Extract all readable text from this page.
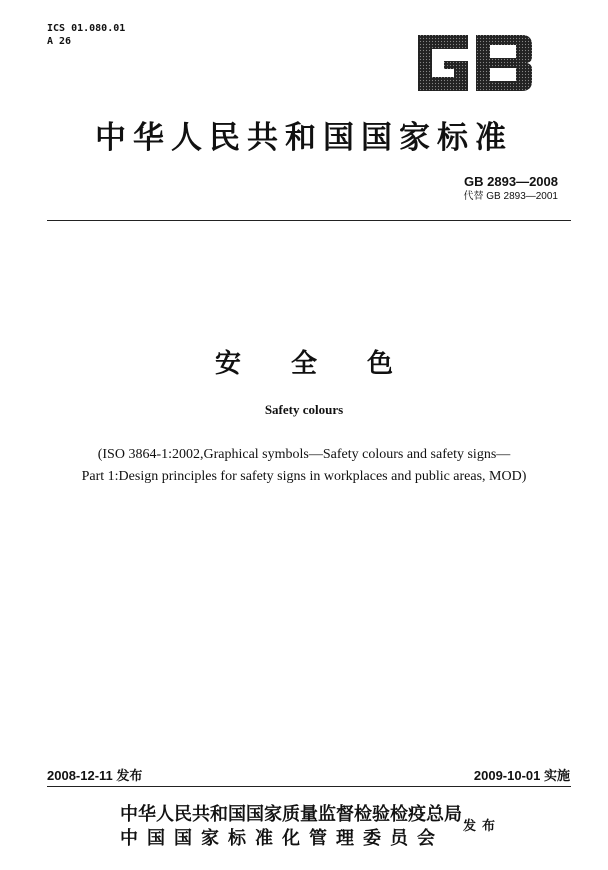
ICS 01.080.01
A 26
中华人民共和国国家标准
GB 2893—2008
代替 GB 2893—2001
安全色
Safety colours
(ISO 3864-1:2002,Graphical symbols—Safety colours and safety signs—
Part 1:Design principles for safety signs in workplaces and public areas, MOD)
2008-12-11 发布	2009-10-01 实施
中华人民共和国国家质量监督检验检疫总局
中国国家标准化管理委员会
发布
